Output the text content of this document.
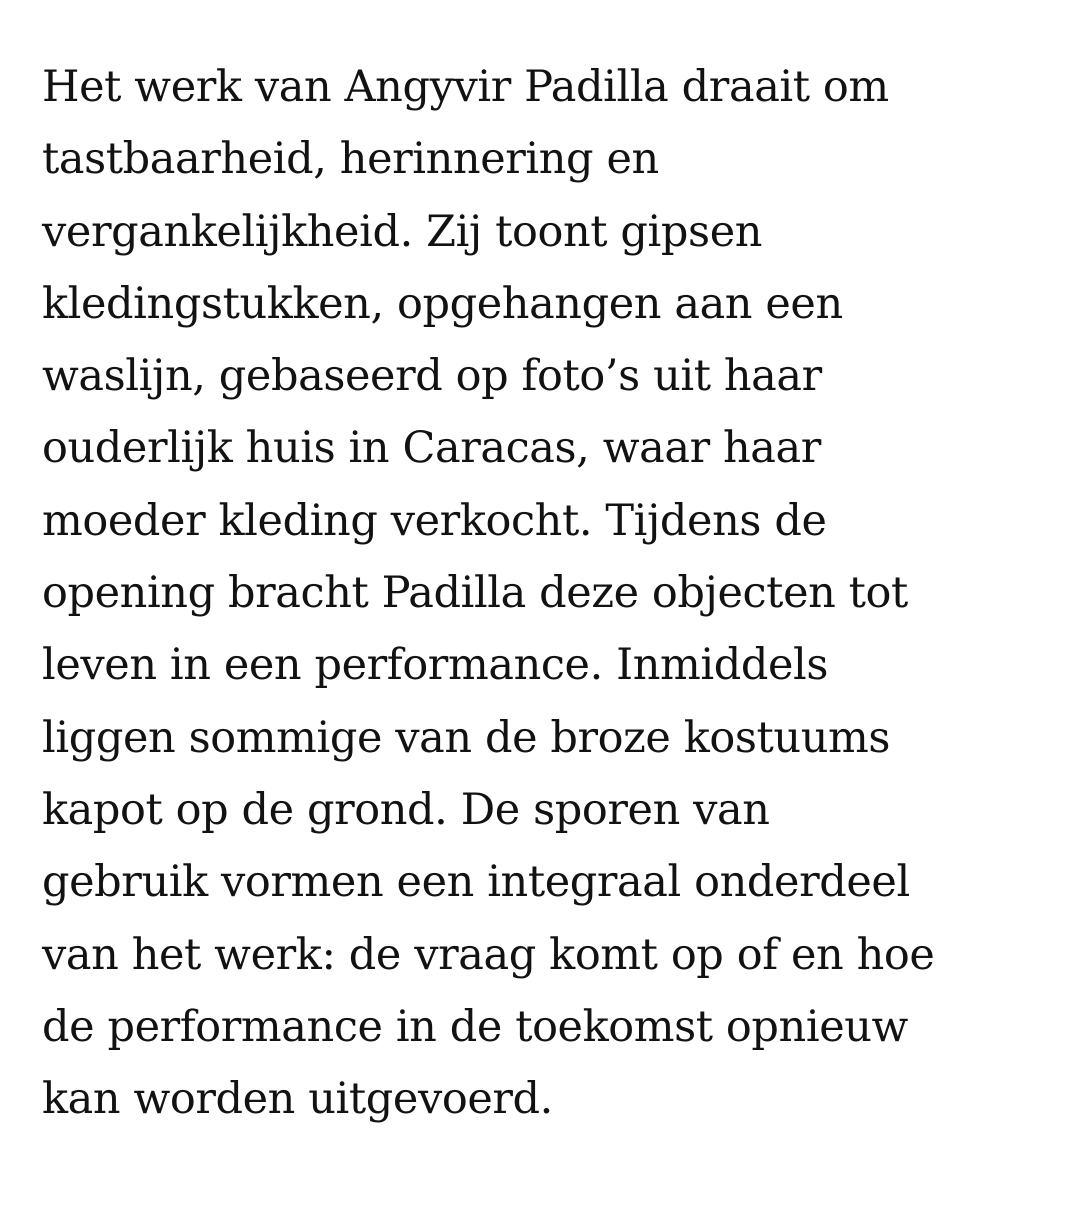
Het werk van Angyvir Padilla draait om
tastbaarheid, herinnering en
vergankelijkheid. Zij toont gipsen
kledingstukken, opgehangen aan een
waslijn, gebaseerd op foto’s uit haar
ouderlijk huis in Caracas, waar haar
moeder kleding verkocht. Tijdens de
opening bracht Padilla deze objecten tot
leven in een performance. Inmiddels
liggen sommige van de broze kostuums
kapot op de grond. De sporen van
gebruik vormen een integraal onderdeel
van het werk: de vraag komt op of en hoe
de performance in de toekomst opnieuw
kan worden uitgevoerd.
